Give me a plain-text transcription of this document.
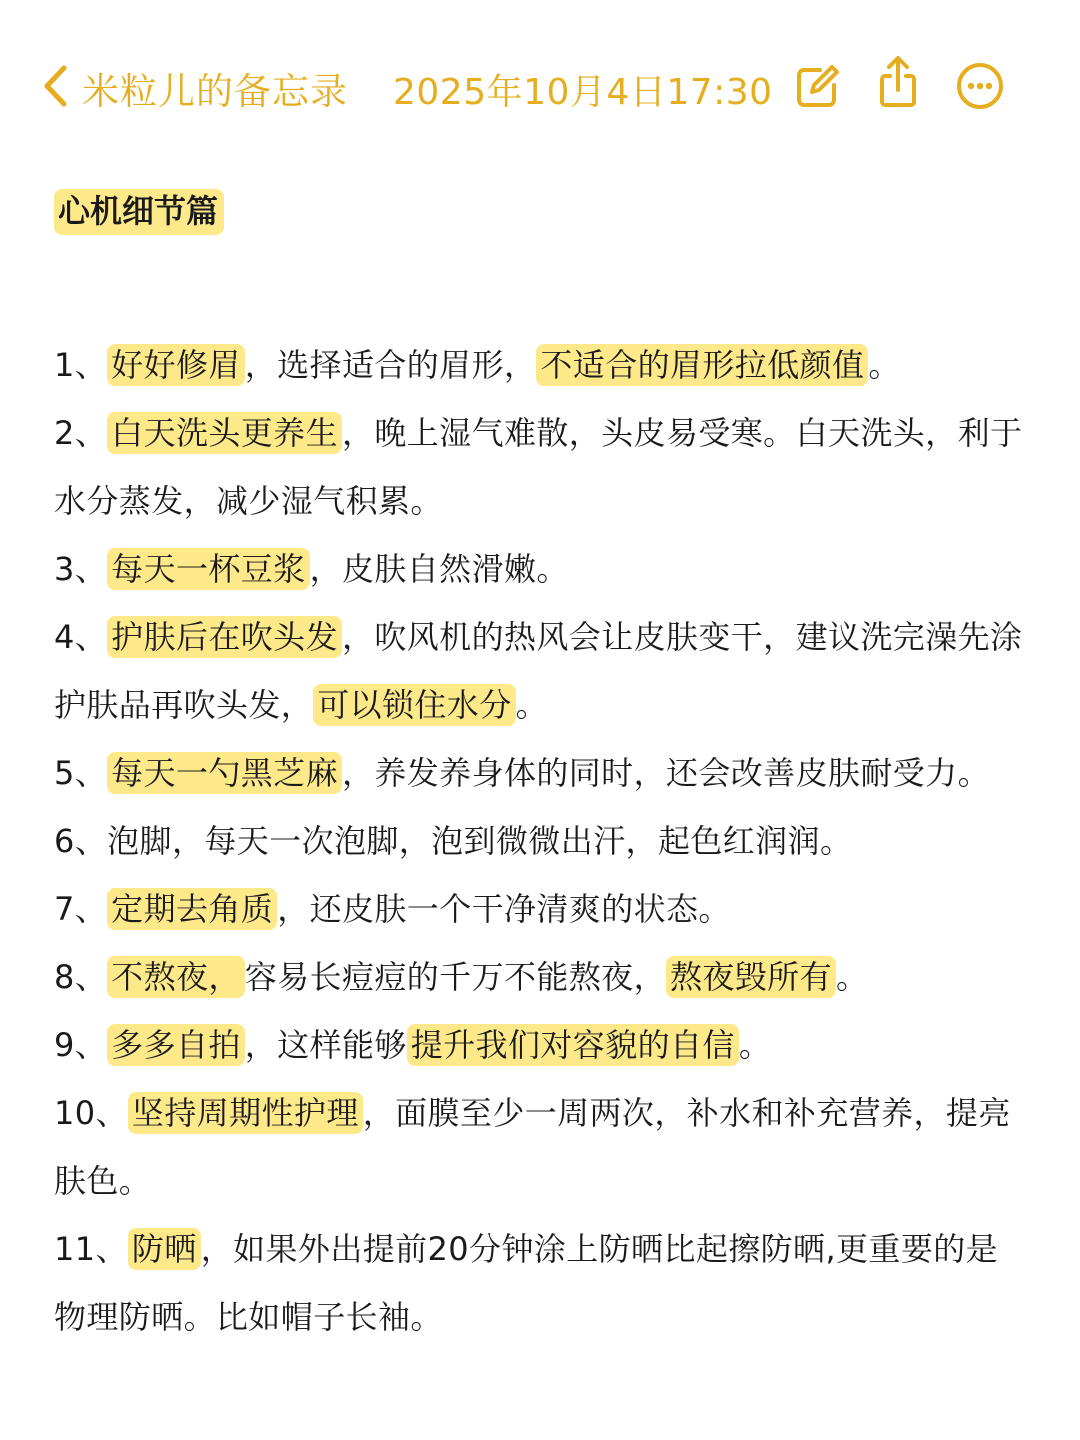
米粒儿的备忘录 2025年10月4日17:30
心机细节篇
1、 好好修眉 ，选择适合的眉形， 不适合的眉形拉低颜值 。
2、 白天洗头更养生 ，晚上湿气难散，头皮易受寒。白天洗头，利于水分蒸发，减少湿气积累。
3、 每天一杯豆浆 ，皮肤自然滑嫩。
4、 护肤后在吹头发 ，吹风机的热风会让皮肤变干，建议洗完澡先涂护肤品再吹头发， 可以锁住水分 。
5、 每天一勺黑芝麻 ，养发养身体的同时，还会改善皮肤耐受力。
6、泡脚，每天一次泡脚，泡到微微出汗，起色红润润。
7、 定期去角质 ，还皮肤一个干净清爽的状态。
8、 不熬夜， 容易长痘痘的千万不能熬夜， 熬夜毁所有 。
9、 多多自拍 ，这样能够 提升我们对容貌的自信 。
10、 坚持周期性护理 ，面膜至少一周两次，补水和补充营养，提亮肤色。
11、 防晒 ，如果外出提前20分钟涂上防晒比起擦防晒,更重要的是物理防晒。比如帽子长袖。
